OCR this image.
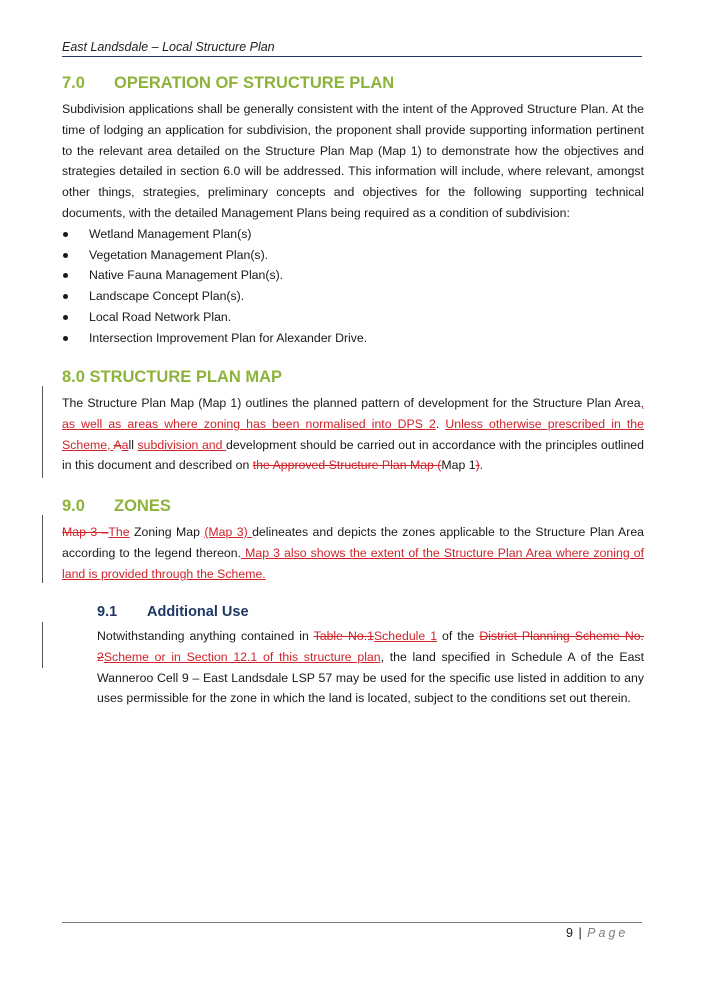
East Landsdale – Local Structure Plan
7.0 OPERATION OF STRUCTURE PLAN

Subdivision applications shall be generally consistent with the intent of the Approved Structure Plan. At the time of lodging an application for subdivision, the proponent shall provide supporting information pertinent to the relevant area detailed on the Structure Plan Map (Map 1) to demonstrate how the objectives and strategies detailed in section 6.0 will be addressed. This information will include, where relevant, amongst other things, strategies, preliminary concepts and objectives for the following supporting technical documents, with the detailed Management Plans being required as a condition of subdivision:

Wetland Management Plan(s)
Vegetation Management Plan(s).
Native Fauna Management Plan(s).
Landscape Concept Plan(s).
Local Road Network Plan.
Intersection Improvement Plan for Alexander Drive.
8.0 STRUCTURE PLAN MAP

The Structure Plan Map (Map 1) outlines the planned pattern of development for the Structure Plan Area, as well as areas where zoning has been normalised into DPS 2. Unless otherwise prescribed in the Scheme, Aall subdivision and development should be carried out in accordance with the principles outlined in this document and described on the Approved Structure Plan Map (Map 1).

9.0 ZONES

Map 3 –The Zoning Map (Map 3) delineates and depicts the zones applicable to the Structure Plan Area according to the legend thereon. Map 3 also shows the extent of the Structure Plan Area where zoning of land is provided through the Scheme.

9.1 Additional Use

Notwithstanding anything contained in Table No.1Schedule 1 of the District Planning Scheme No. 2Scheme or in Section 12.1 of this structure plan, the land specified in Schedule A of the East Wanneroo Cell 9 – East Landsdale LSP 57 may be used for the specific use listed in addition to any uses permissible for the zone in which the land is located, subject to the conditions set out therein.

9 | Page
